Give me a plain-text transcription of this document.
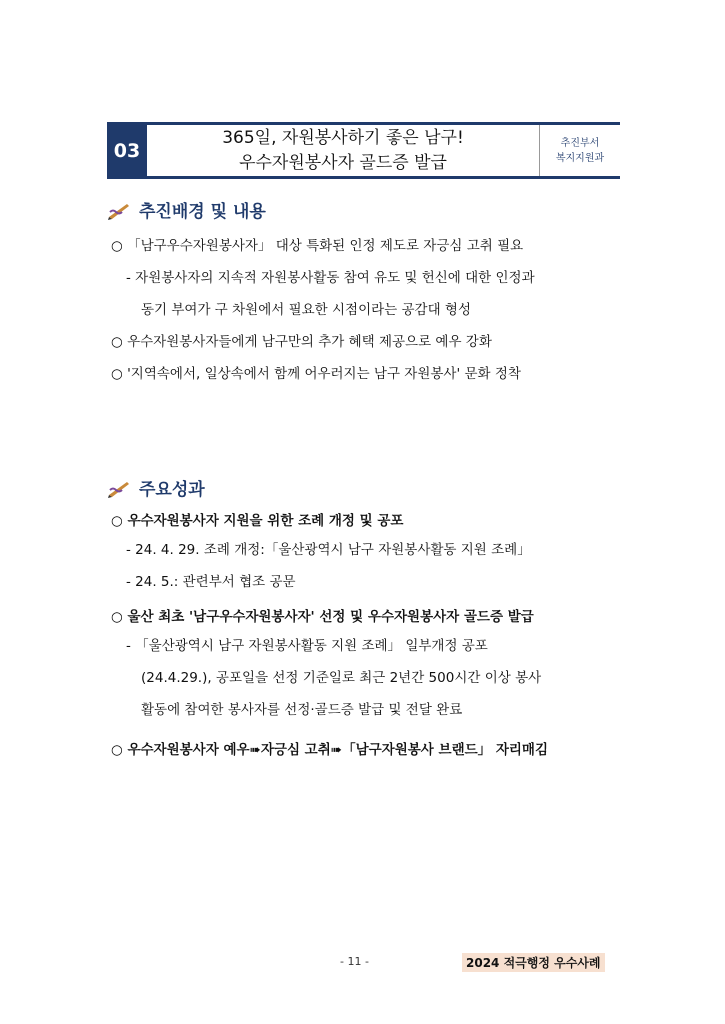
03
365일, 자원봉사하기 좋은 남구!
우수자원봉사자 골드증 발급
추진부서
복지지원과
추진배경 및 내용
○ 「남구우수자원봉사자」 대상 특화된 인정 제도로 자긍심 고취 필요
- 자원봉사자의 지속적 자원봉사활동 참여 유도 및 헌신에 대한 인정과
동기 부여가 구 차원에서 필요한 시점이라는 공감대 형성
○ 우수자원봉사자들에게 남구만의 추가 혜택 제공으로 예우 강화
○ '지역속에서, 일상속에서 함께 어우러지는 남구 자원봉사' 문화 정착
주요성과
○ 우수자원봉사자 지원을 위한 조례 개정 및 공포
- 24. 4. 29. 조례 개정:「울산광역시 남구 자원봉사활동 지원 조례」
- 24. 5.: 관련부서 협조 공문
○ 울산 최초 '남구우수자원봉사자' 선정 및 우수자원봉사자 골드증 발급
- 「울산광역시 남구 자원봉사활동 지원 조례」 일부개정 공포
(24.4.29.), 공포일을 선정 기준일로 최근 2년간 500시간 이상 봉사
활동에 참여한 봉사자를 선정·골드증 발급 및 전달 완료
○ 우수자원봉사자 예우➠자긍심 고취➠「남구자원봉사 브랜드」 자리매김
- 11 -	2024 적극행정 우수사례
